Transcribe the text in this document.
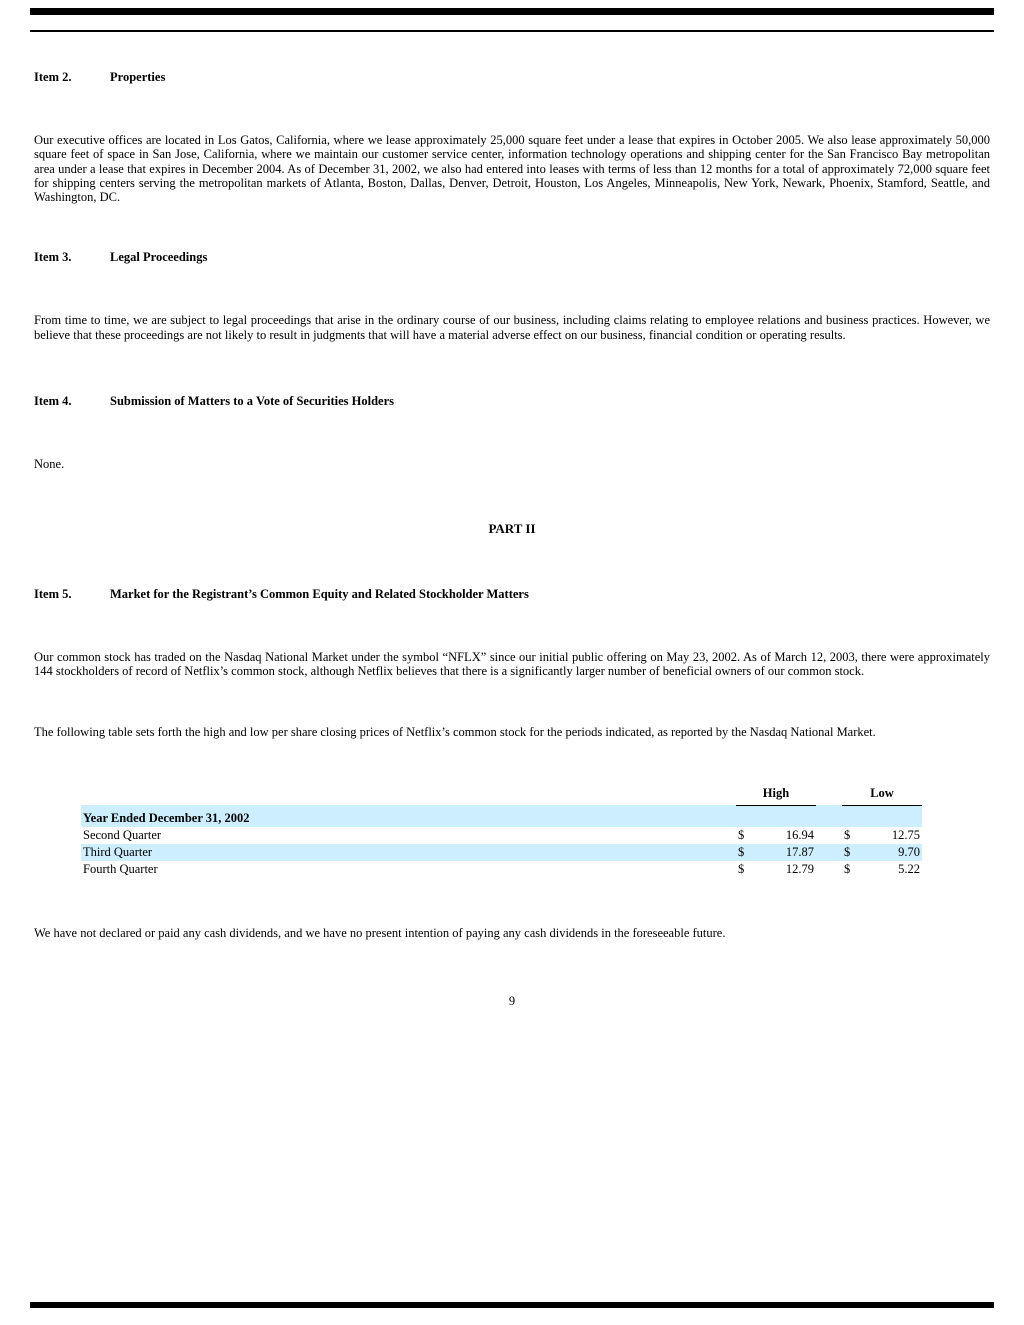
Item 2.	Properties

Our executive offices are located in Los Gatos, California, where we lease approximately 25,000 square feet under a lease that expires in October 2005. We also lease approximately 50,000 square feet of space in San Jose, California, where we maintain our customer service center, information technology operations and shipping center for the San Francisco Bay metropolitan area under a lease that expires in December 2004. As of December 31, 2002, we also had entered into leases with terms of less than 12 months for a total of approximately 72,000 square feet for shipping centers serving the metropolitan markets of Atlanta, Boston, Dallas, Denver, Detroit, Houston, Los Angeles, Minneapolis, New York, Newark, Phoenix, Stamford, Seattle, and Washington, DC.

Item 3.	Legal Proceedings

From time to time, we are subject to legal proceedings that arise in the ordinary course of our business, including claims relating to employee relations and business practices. However, we believe that these proceedings are not likely to result in judgments that will have a material adverse effect on our business, financial condition or operating results.

Item 4.	Submission of Matters to a Vote of Securities Holders

None.

PART II
Item 5.	Market for the Registrant’s Common Equity and Related Stockholder Matters

Our common stock has traded on the Nasdaq National Market under the symbol “NFLX” since our initial public offering on May 23, 2002. As of March 12, 2003, there were approximately 144 stockholders of record of Netflix’s common stock, although Netflix believes that there is a significantly larger number of beneficial owners of our common stock.

The following table sets forth the high and low per share closing prices of Netflix’s common stock for the periods indicated, as reported by the Nasdaq National Market.

	High			Low	
Year Ended December 31, 2002					
Second Quarter	$	16.94		$	12.75
Third Quarter	$	17.87		$	9.70
Fourth Quarter	$	12.79		$	5.22

We have not declared or paid any cash dividends, and we have no present intention of paying any cash dividends in the foreseeable future.

9
